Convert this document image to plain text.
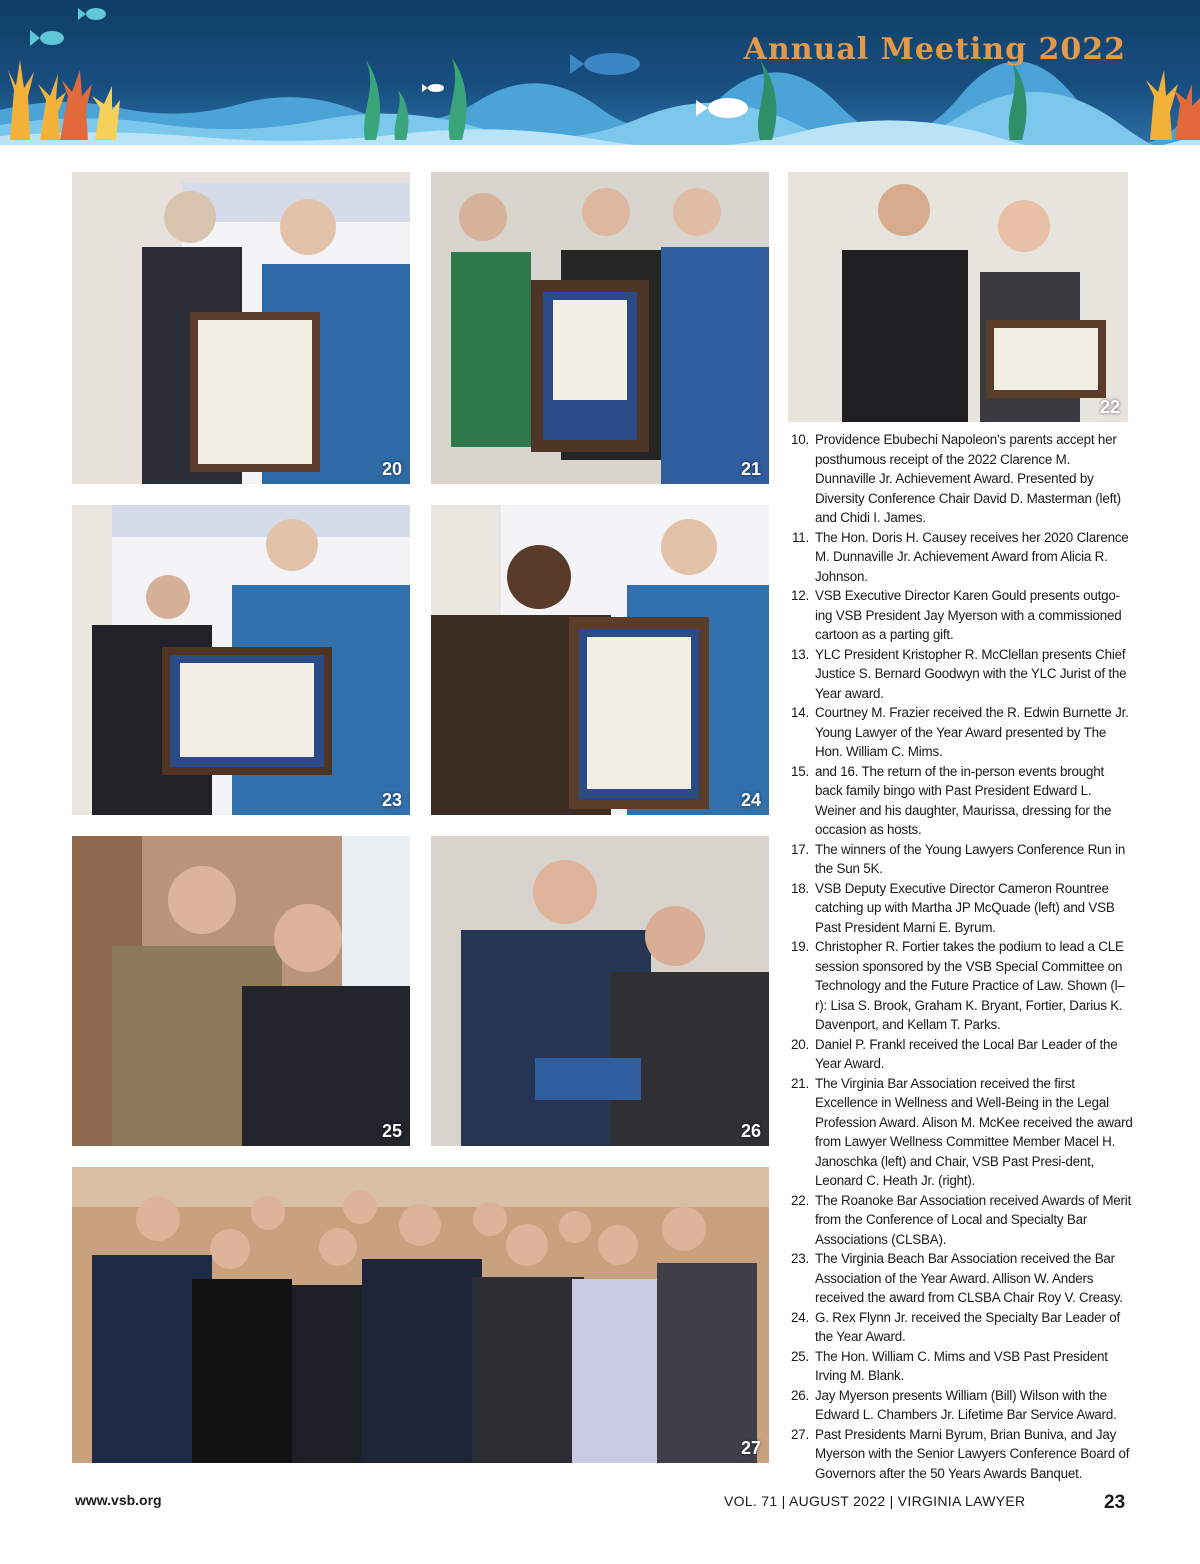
Annual Meeting 2022
20	21
22
23	24
25	26
27
10. Providence Ebubechi Napoleon's parents accept her posthumous receipt of the 2022 Clarence M. Dunnaville Jr. Achievement Award. Presented by Diversity Conference Chair David D. Masterman (left) and Chidi I. James.
11. The Hon. Doris H. Causey receives her 2020 Clarence M. Dunnaville Jr. Achievement Award from Alicia R. Johnson.
12. VSB Executive Director Karen Gould presents outgo-ing VSB President Jay Myerson with a commissioned cartoon as a parting gift.
13. YLC President Kristopher R. McClellan presents Chief Justice S. Bernard Goodwyn with the YLC Jurist of the Year award.
14. Courtney M. Frazier received the R. Edwin Burnette Jr. Young Lawyer of the Year Award presented by The Hon. William C. Mims.
15. and 16. The return of the in-person events brought back family bingo with Past President Edward L. Weiner and his daughter, Maurissa, dressing for the occasion as hosts.
17. The winners of the Young Lawyers Conference Run in the Sun 5K.
18. VSB Deputy Executive Director Cameron Rountree catching up with Martha JP McQuade (left) and VSB Past President Marni E. Byrum.
19. Christopher R. Fortier takes the podium to lead a CLE session sponsored by the VSB Special Committee on Technology and the Future Practice of Law. Shown (l–r): Lisa S. Brook, Graham K. Bryant, Fortier, Darius K. Davenport, and Kellam T. Parks.
20. Daniel P. Frankl received the Local Bar Leader of the Year Award.
21. The Virginia Bar Association received the first Excellence in Wellness and Well-Being in the Legal Profession Award. Alison M. McKee received the award from Lawyer Wellness Committee Member Macel H. Janoschka (left) and Chair, VSB Past Presi-dent, Leonard C. Heath Jr. (right).
22. The Roanoke Bar Association received Awards of Merit from the Conference of Local and Specialty Bar Associations (CLSBA).
23. The Virginia Beach Bar Association received the Bar Association of the Year Award. Allison W. Anders received the award from CLSBA Chair Roy V. Creasy.
24. G. Rex Flynn Jr. received the Specialty Bar Leader of the Year Award.
25. The Hon. William C. Mims and VSB Past President Irving M. Blank.
26. Jay Myerson presents William (Bill) Wilson with the Edward L. Chambers Jr. Lifetime Bar Service Award.
27. Past Presidents Marni Byrum, Brian Buniva, and Jay Myerson with the Senior Lawyers Conference Board of Governors after the 50 Years Awards Banquet.
www.vsb.org	VOL. 71 | AUGUST 2022 | VIRGINIA LAWYER	23
